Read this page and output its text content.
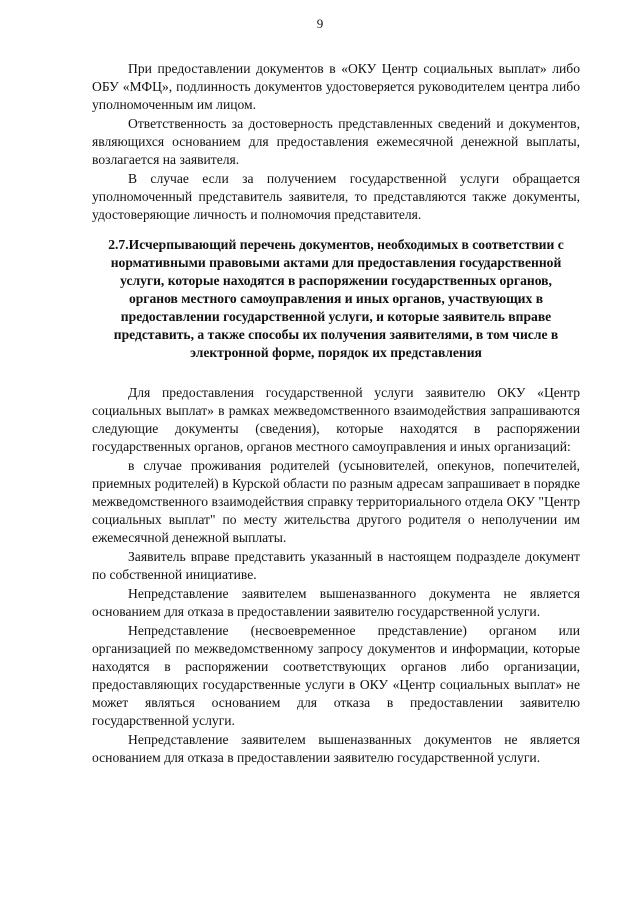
9

При предоставлении документов в «ОКУ Центр социальных выплат» либо ОБУ «МФЦ», подлинность документов удостоверяется руководителем центра либо уполномоченным им лицом.

Ответственность за достоверность представленных сведений и документов, являющихся основанием для предоставления ежемесячной денежной выплаты, возлагается на заявителя.

В случае если за получением государственной услуги обращается уполномоченный представитель заявителя, то представляются также документы, удостоверяющие личность и полномочия представителя.

2.7.Исчерпывающий перечень документов, необходимых в соответствии с нормативными правовыми актами для предоставления государственной услуги, которые находятся в распоряжении государственных органов, органов местного самоуправления и иных органов, участвующих в предоставлении государственной услуги, и которые заявитель вправе представить, а также способы их получения заявителями, в том числе в электронной форме, порядок их представления

Для предоставления государственной услуги заявителю ОКУ «Центр социальных выплат» в рамках межведомственного взаимодействия запрашиваются следующие документы (сведения), которые находятся в распоряжении государственных органов, органов местного самоуправления и иных организаций:

в случае проживания родителей (усыновителей, опекунов, попечителей, приемных родителей) в Курской области по разным адресам запрашивает в порядке межведомственного взаимодействия справку территориального отдела ОКУ "Центр социальных выплат" по месту жительства другого родителя о неполучении им ежемесячной денежной выплаты.

Заявитель вправе представить указанный в настоящем подразделе документ по собственной инициативе.

Непредставление заявителем вышеназванного документа не является основанием для отказа в предоставлении заявителю государственной услуги.

Непредставление (несвоевременное представление) органом или организацией по межведомственному запросу документов и информации, которые находятся в распоряжении соответствующих органов либо организации, предоставляющих государственные услуги в ОКУ «Центр социальных выплат» не может являться основанием для отказа в предоставлении заявителю государственной услуги.

Непредставление заявителем вышеназванных документов не является основанием для отказа в предоставлении заявителю государственной услуги.
